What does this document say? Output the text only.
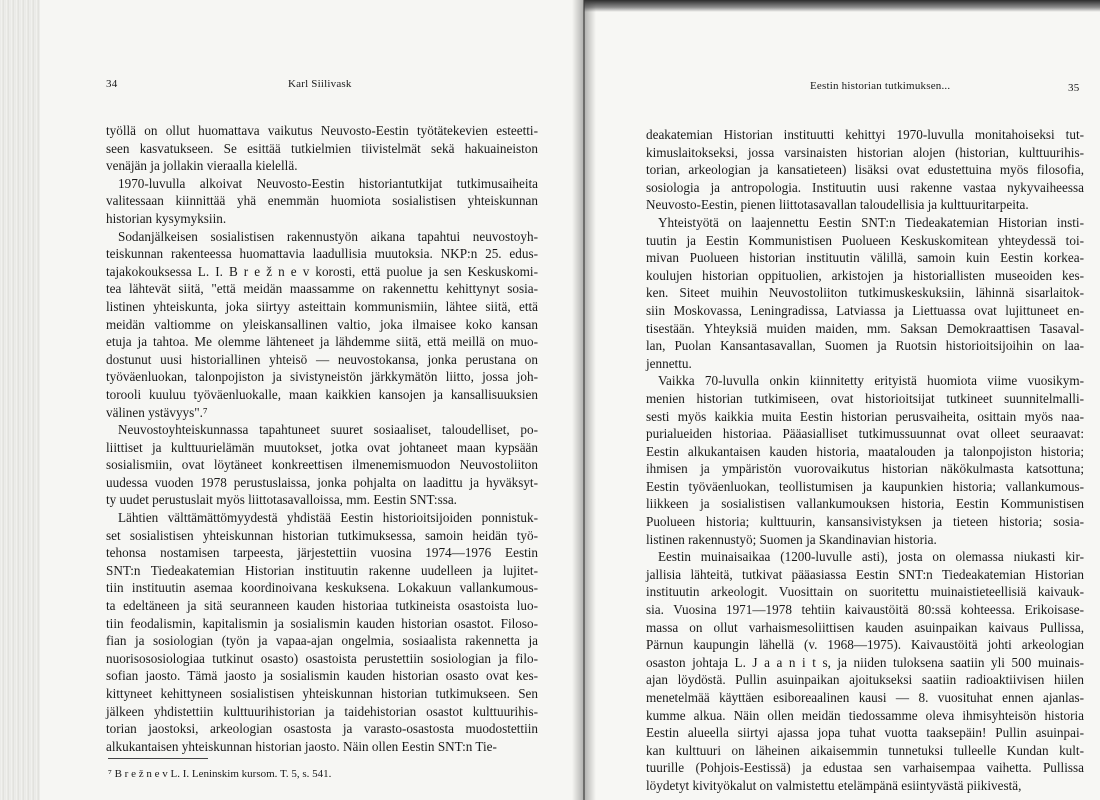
34	Karl Siilivask
työllä on ollut huomattava vaikutus Neuvosto-Eestin työtätekevien esteetti-
seen kasvatukseen. Se esittää tutkielmien tiivistelmät sekä hakuaineiston
venäjän ja jollakin vieraalla kielellä.
1970-luvulla alkoivat Neuvosto-Eestin historiantutkijat tutkimusaiheita
valitessaan kiinnittää yhä enemmän huomiota sosialistisen yhteiskunnan
historian kysymyksiin.
Sodanjälkeisen sosialistisen rakennustyön aikana tapahtui neuvostoyh-
teiskunnan rakenteessa huomattavia laadullisia muutoksia. NKP:n 25. edus-
tajakokouksessa L. I. B r e ž n e v korosti, että puolue ja sen Keskuskomi-
tea lähtevät siitä, "että meidän maassamme on rakennettu kehittynyt sosia-
listinen yhteiskunta, joka siirtyy asteittain kommunismiin, lähtee siitä, että
meidän valtiomme on yleiskansallinen valtio, joka ilmaisee koko kansan
etuja ja tahtoa. Me olemme lähteneet ja lähdemme siitä, että meillä on muo-
dostunut uusi historiallinen yhteisö — neuvostokansa, jonka perustana on
työväenluokan, talonpojiston ja sivistyneistön järkkymätön liitto, jossa joh-
torooli kuuluu työväenluokalle, maan kaikkien kansojen ja kansallisuuksien
välinen ystävyys".⁷
Neuvostoyhteiskunnassa tapahtuneet suuret sosiaaliset, taloudelliset, po-
liittiset ja kulttuurielämän muutokset, jotka ovat johtaneet maan kypsään
sosialismiin, ovat löytäneet konkreettisen ilmenemismuodon Neuvostoliiton
uudessa vuoden 1978 perustuslaissa, jonka pohjalta on laadittu ja hyväksyt-
ty uudet perustuslait myös liittotasavalloissa, mm. Eestin SNT:ssa.
Lähtien välttämättömyydestä yhdistää Eestin historioitsijoiden ponnistuk-
set sosialistisen yhteiskunnan historian tutkimuksessa, samoin heidän työ-
tehonsa nostamisen tarpeesta, järjestettiin vuosina 1974—1976 Eestin
SNT:n Tiedeakatemian Historian instituutin rakenne uudelleen ja lujitet-
tiin instituutin asemaa koordinoivana keskuksena. Lokakuun vallankumous-
ta edeltäneen ja sitä seuranneen kauden historiaa tutkineista osastoista luo-
tiin feodalismin, kapitalismin ja sosialismin kauden historian osastot. Filoso-
fian ja sosiologian (työn ja vapaa-ajan ongelmia, sosiaalista rakennetta ja
nuorisososiologiaa tutkinut osasto) osastoista perustettiin sosiologian ja filo-
sofian jaosto. Tämä jaosto ja sosialismin kauden historian osasto ovat kes-
kittyneet kehittyneen sosialistisen yhteiskunnan historian tutkimukseen. Sen
jälkeen yhdistettiin kulttuurihistorian ja taidehistorian osastot kulttuurihis-
torian jaostoksi, arkeologian osastosta ja varasto-osastosta muodostettiin
alkukantaisen yhteiskunnan historian jaosto. Näin ollen Eestin SNT:n Tie-
⁷ B r e ž n e v L. I. Leninskim kursom. T. 5, s. 541.
Eestin historian tutkimuksen...	35
deakatemian Historian instituutti kehittyi 1970-luvulla monitahoiseksi tut-
kimuslaitokseksi, jossa varsinaisten historian alojen (historian, kulttuurihis-
torian, arkeologian ja kansatieteen) lisäksi ovat edustettuina myös filosofia,
sosiologia ja antropologia. Instituutin uusi rakenne vastaa nykyvaiheessa
Neuvosto-Eestin, pienen liittotasavallan taloudellisia ja kulttuuritarpeita.
Yhteistyötä on laajennettu Eestin SNT:n Tiedeakatemian Historian insti-
tuutin ja Eestin Kommunistisen Puolueen Keskuskomitean yhteydessä toi-
mivan Puolueen historian instituutin välillä, samoin kuin Eestin korkea-
koulujen historian oppituolien, arkistojen ja historiallisten museoiden kes-
ken. Siteet muihin Neuvostoliiton tutkimuskeskuksiin, lähinnä sisarlaitok-
siin Moskovassa, Leningradissa, Latviassa ja Liettuassa ovat lujittuneet en-
tisestään. Yhteyksiä muiden maiden, mm. Saksan Demokraattisen Tasaval-
lan, Puolan Kansantasavallan, Suomen ja Ruotsin historioitsijoihin on laa-
jennettu.
Vaikka 70-luvulla onkin kiinnitetty erityistä huomiota viime vuosikym-
menien historian tutkimiseen, ovat historioitsijat tutkineet suunnitelmalli-
sesti myös kaikkia muita Eestin historian perusvaiheita, osittain myös naa-
purialueiden historiaa. Pääasialliset tutkimussuunnat ovat olleet seuraavat:
Eestin alkukantaisen kauden historia, maatalouden ja talonpojiston historia;
ihmisen ja ympäristön vuorovaikutus historian näkökulmasta katsottuna;
Eestin työväenluokan, teollistumisen ja kaupunkien historia; vallankumous-
liikkeen ja sosialistisen vallankumouksen historia, Eestin Kommunistisen
Puolueen historia; kulttuurin, kansansivistyksen ja tieteen historia; sosia-
listinen rakennustyö; Suomen ja Skandinavian historia.
Eestin muinaisaikaa (1200-luvulle asti), josta on olemassa niukasti kir-
jallisia lähteitä, tutkivat pääasiassa Eestin SNT:n Tiedeakatemian Historian
instituutin arkeologit. Vuosittain on suoritettu muinaistieteellisiä kaivauk-
sia. Vuosina 1971—1978 tehtiin kaivaustöitä 80:ssä kohteessa. Erikoisase-
massa on ollut varhaismesoliittisen kauden asuinpaikan kaivaus Pullissa,
Pärnun kaupungin lähellä (v. 1968—1975). Kaivaustöitä johti arkeologian
osaston johtaja L. J a a n i t s, ja niiden tuloksena saatiin yli 500 muinais-
ajan löydöstä. Pullin asuinpaikan ajoitukseksi saatiin radioaktiivisen hiilen
menetelmää käyttäen esiboreaalinen kausi — 8. vuosituhat ennen ajanlas-
kumme alkua. Näin ollen meidän tiedossamme oleva ihmisyhteisön historia
Eestin alueella siirtyi ajassa jopa tuhat vuotta taaksepäin! Pullin asuinpai-
kan kulttuuri on läheinen aikaisemmin tunnetuksi tulleelle Kundan kult-
tuurille (Pohjois-Eestissä) ja edustaa sen varhaisempaa vaihetta. Pullissa
löydetyt kivityökalut on valmistettu etelämpänä esiintyvästä piikivestä,
